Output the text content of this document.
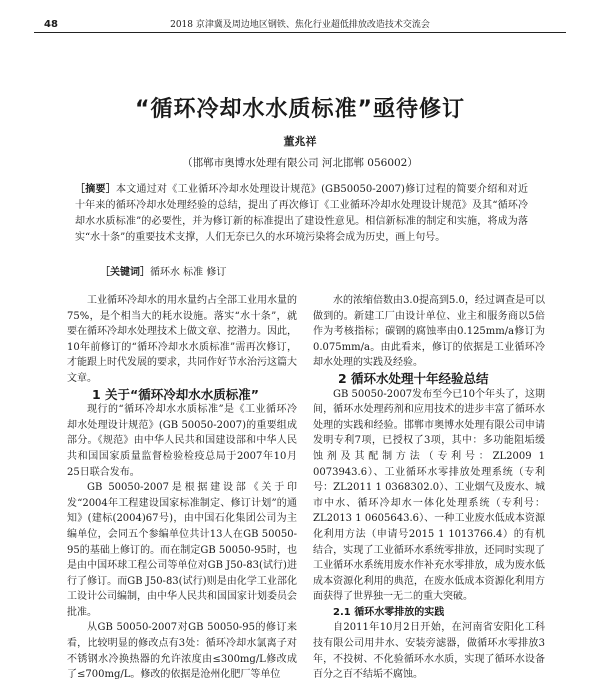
48	2018 京津冀及周边地区钢铁、焦化行业超低排放改造技术交流会
“循环冷却水水质标准”亟待修订
董兆祥
（邯郸市奥博水处理有限公司 河北邯郸 056002）
［摘要］本文通过对《工业循环冷却水处理设计规范》(GB50050-2007)修订过程的简要介绍和对近十年来的循环冷却水处理经验的总结，提出了再次修订《工业循环冷却水处理设计规范》及其“循环冷却水水质标准”的必要性，并为修订新的标准提出了建设性意见。相信新标准的制定和实施，将成为落实“水十条”的重要技术支撑，人们无奈已久的水环境污染将会成为历史，画上句号。
［关键词］循环水 标准 修订

工业循环冷却水的用水量约占全部工业用水量的75%，是个相当大的耗水设施。落实“水十条”，就要在循环冷却水处理技术上做文章、挖潜力。因此，10年前修订的“循环冷却水水质标准”需再次修订，才能跟上时代发展的要求，共同作好节水治污这篇大文章。

1 关于“循环冷却水水质标准”

现行的“循环冷却水水质标准”是《工业循环冷却水处理设计规范》(GB 50050-2007)的重要组成部分。《规范》由中华人民共和国建设部和中华人民共和国国家质量监督检验检疫总局于2007年10月25日联合发布。

GB 50050-2007是根据建设部《关于印发“2004年工程建设国家标准制定、修订计划”的通知》(建标(2004)67号)，由中国石化集团公司为主编单位，会同五个参编单位共计13人在GB 50050-95的基础上修订的。而在制定GB 50050-95时，也是由中国环球工程公司等单位对GB J50-83(试行)进行了修订。而GB J50-83(试行)则是由化学工业部化工设计公司编制，由中华人民共和国国家计划委员会批准。

从GB 50050-2007对GB 50050-95的修订来看，比较明显的修改点有3处：循环冷却水氯离子对不锈钢水冷换热器的允许浓度由≤300mg/L修改成了≤700mg/L。修改的依据是沧州化肥厂等单位

水的浓缩倍数由3.0提高到5.0，经过调查是可以做到的。新建工厂由设计单位、业主和服务商以5倍作为考核指标；碳钢的腐蚀率由0.125mm/a修订为0.075mm/a。由此看来，修订的依据是工业循环冷却水处理的实践及经验。

2 循环水处理十年经验总结

GB 50050-2007发布至今已10个年头了，这期间，循环水处理药剂和应用技术的进步丰富了循环水处理的实践和经验。邯郸市奥博水处理有限公司申请发明专利7项，已授权了3项，其中：多功能阻垢缓蚀剂及其配制方法（专利号：ZL2009 1 0073943.6）、工业循环水零排放处理系统（专利号：ZL2011 1 0368302.0）、工业烟气及废水、城市中水、循环冷却水一体化处理系统（专利号：ZL2013 1 0605643.6）、一种工业废水低成本资源化利用方法（申请号2015 1 1013766.4）的有机结合，实现了工业循环水系统零排放，还同时实现了工业循环水系统用废水作补充水零排放，成为废水低成本资源化利用的典范，在废水低成本资源化利用方面获得了世界独一无二的重大突破。

2.1 循环水零排放的实践

自2011年10月2日开始，在河南省安阳化工科技有限公司用井水、安装旁滤器，做循环水零排放3年，不投树、不化验循环水水质，实现了循环水设备百分之百不结垢不腐蚀。
